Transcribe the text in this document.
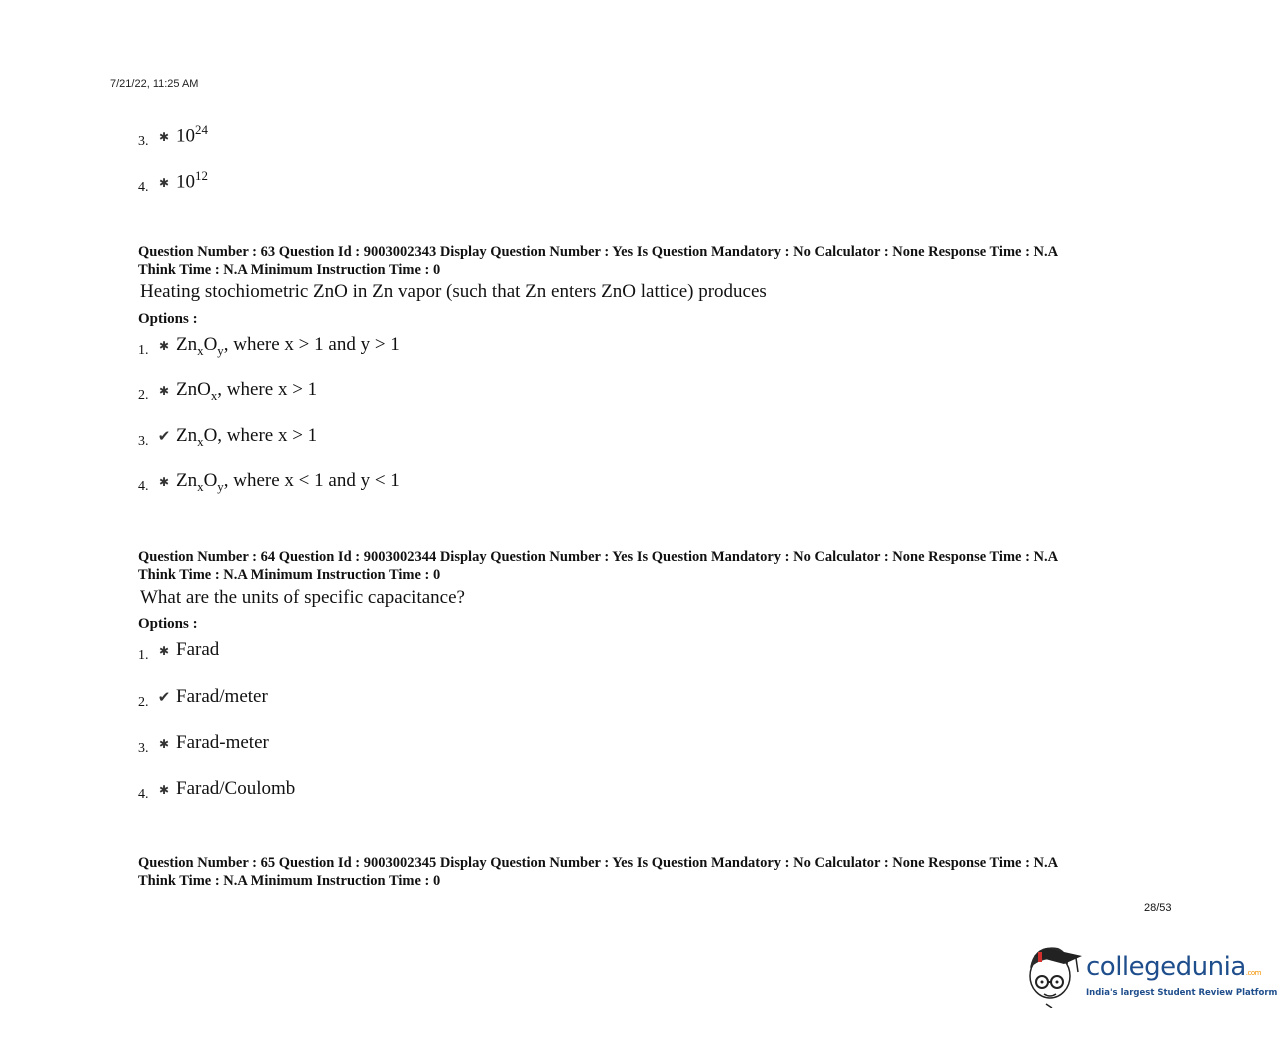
7/21/22, 11:25 AM
3. ✱ $10^{24}$
4. ✱ $10^{12}$
Question Number : 63 Question Id : 9003002343 Display Question Number : Yes Is Question Mandatory : No Calculator : None Response Time : N.A
Think Time : N.A Minimum Instruction Time : 0
Heating stochiometric ZnO in Zn vapor (such that Zn enters ZnO lattice) produces
Options :
1. ✱ $Zn_xO_y$, where x > 1 and y > 1
2. ✱ ZnO$_x$, where x > 1
3. ✔ $Zn_xO$, where x > 1
4. ✱ $Zn_xO_y$, where x < 1 and y < 1
Question Number : 64 Question Id : 9003002344 Display Question Number : Yes Is Question Mandatory : No Calculator : None Response Time : N.A
Think Time : N.A Minimum Instruction Time : 0
What are the units of specific capacitance?
Options :
1. ✱ Farad
2. ✔ Farad/meter
3. ✱ Farad-meter
4. ✱ Farad/Coulomb
Question Number : 65 Question Id : 9003002345 Display Question Number : Yes Is Question Mandatory : No Calculator : None Response Time : N.A
Think Time : N.A Minimum Instruction Time : 0
28/53
collegedunia.com
India's largest Student Review Platform
